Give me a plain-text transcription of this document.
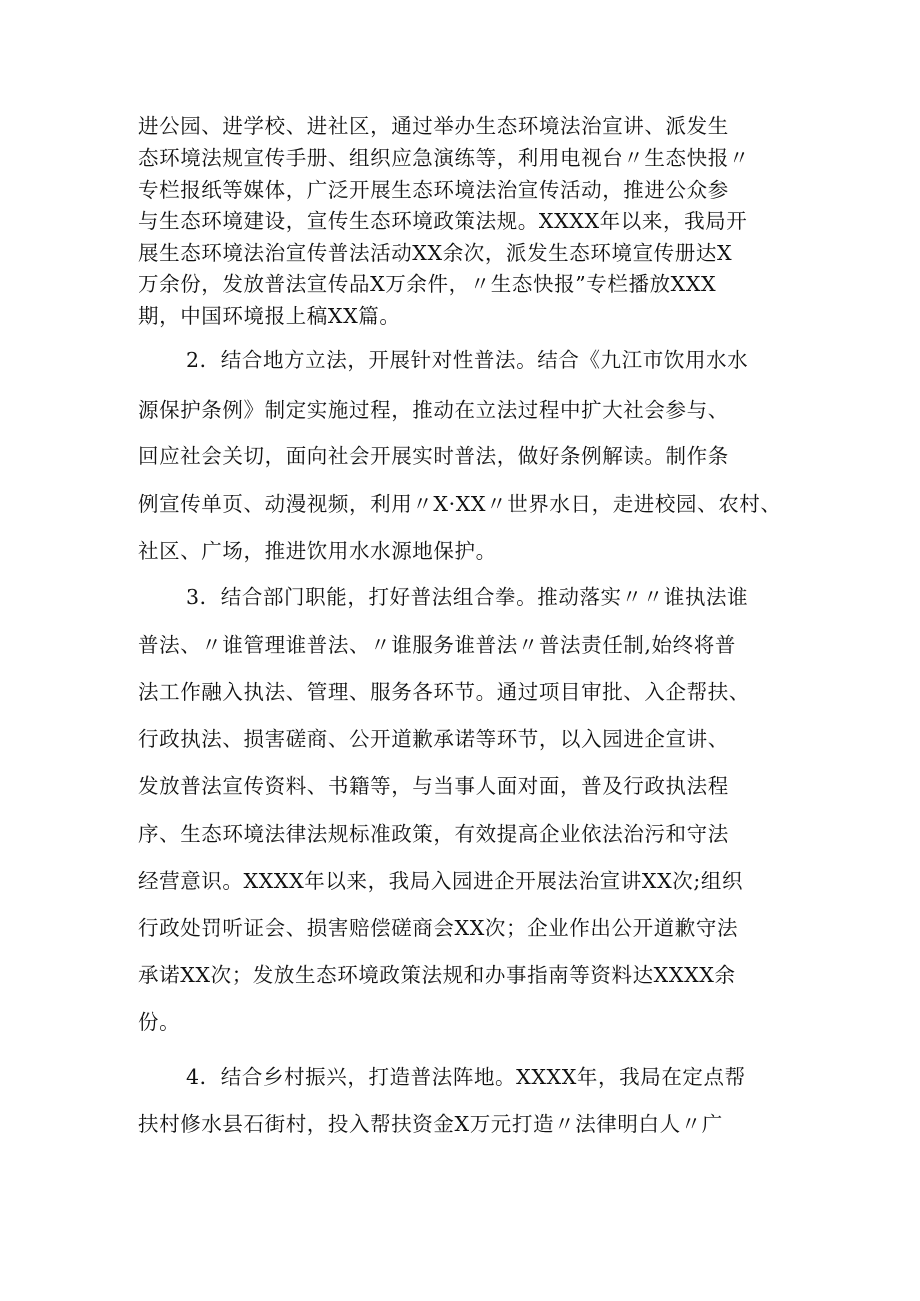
进公园、进学校、进社区，通过举办生态环境法治宣讲、派发生
态环境法规宣传手册、组织应急演练等，利用电视台〃生态快报〃
专栏报纸等媒体，广泛开展生态环境法治宣传活动，推进公众参
与生态环境建设，宣传生态环境政策法规。XXXX年以来，我局开
展生态环境法治宣传普法活动XX余次，派发生态环境宣传册达X
万余份，发放普法宣传品X万余件，〃生态快报”专栏播放XXX
期，中国环境报上稿XX篇。
2．结合地方立法，开展针对性普法。结合《九江市饮用水水
源保护条例》制定实施过程，推动在立法过程中扩大社会参与、
回应社会关切，面向社会开展实时普法，做好条例解读。制作条
例宣传单页、动漫视频，利用〃X·XX〃世界水日，走进校园、农村、
社区、广场，推进饮用水水源地保护。
3．结合部门职能，打好普法组合拳。推动落实〃〃谁执法谁
普法、〃谁管理谁普法、〃谁服务谁普法〃普法责任制,始终将普
法工作融入执法、管理、服务各环节。通过项目审批、入企帮扶、
行政执法、损害磋商、公开道歉承诺等环节，以入园进企宣讲、
发放普法宣传资料、书籍等，与当事人面对面，普及行政执法程
序、生态环境法律法规标准政策，有效提高企业依法治污和守法
经营意识。XXXX年以来，我局入园进企开展法治宣讲XX次;组织
行政处罚听证会、损害赔偿磋商会XX次；企业作出公开道歉守法
承诺XX次；发放生态环境政策法规和办事指南等资料达XXXX余
份。
4．结合乡村振兴，打造普法阵地。XXXX年，我局在定点帮
扶村修水县石街村，投入帮扶资金X万元打造〃法律明白人〃广
